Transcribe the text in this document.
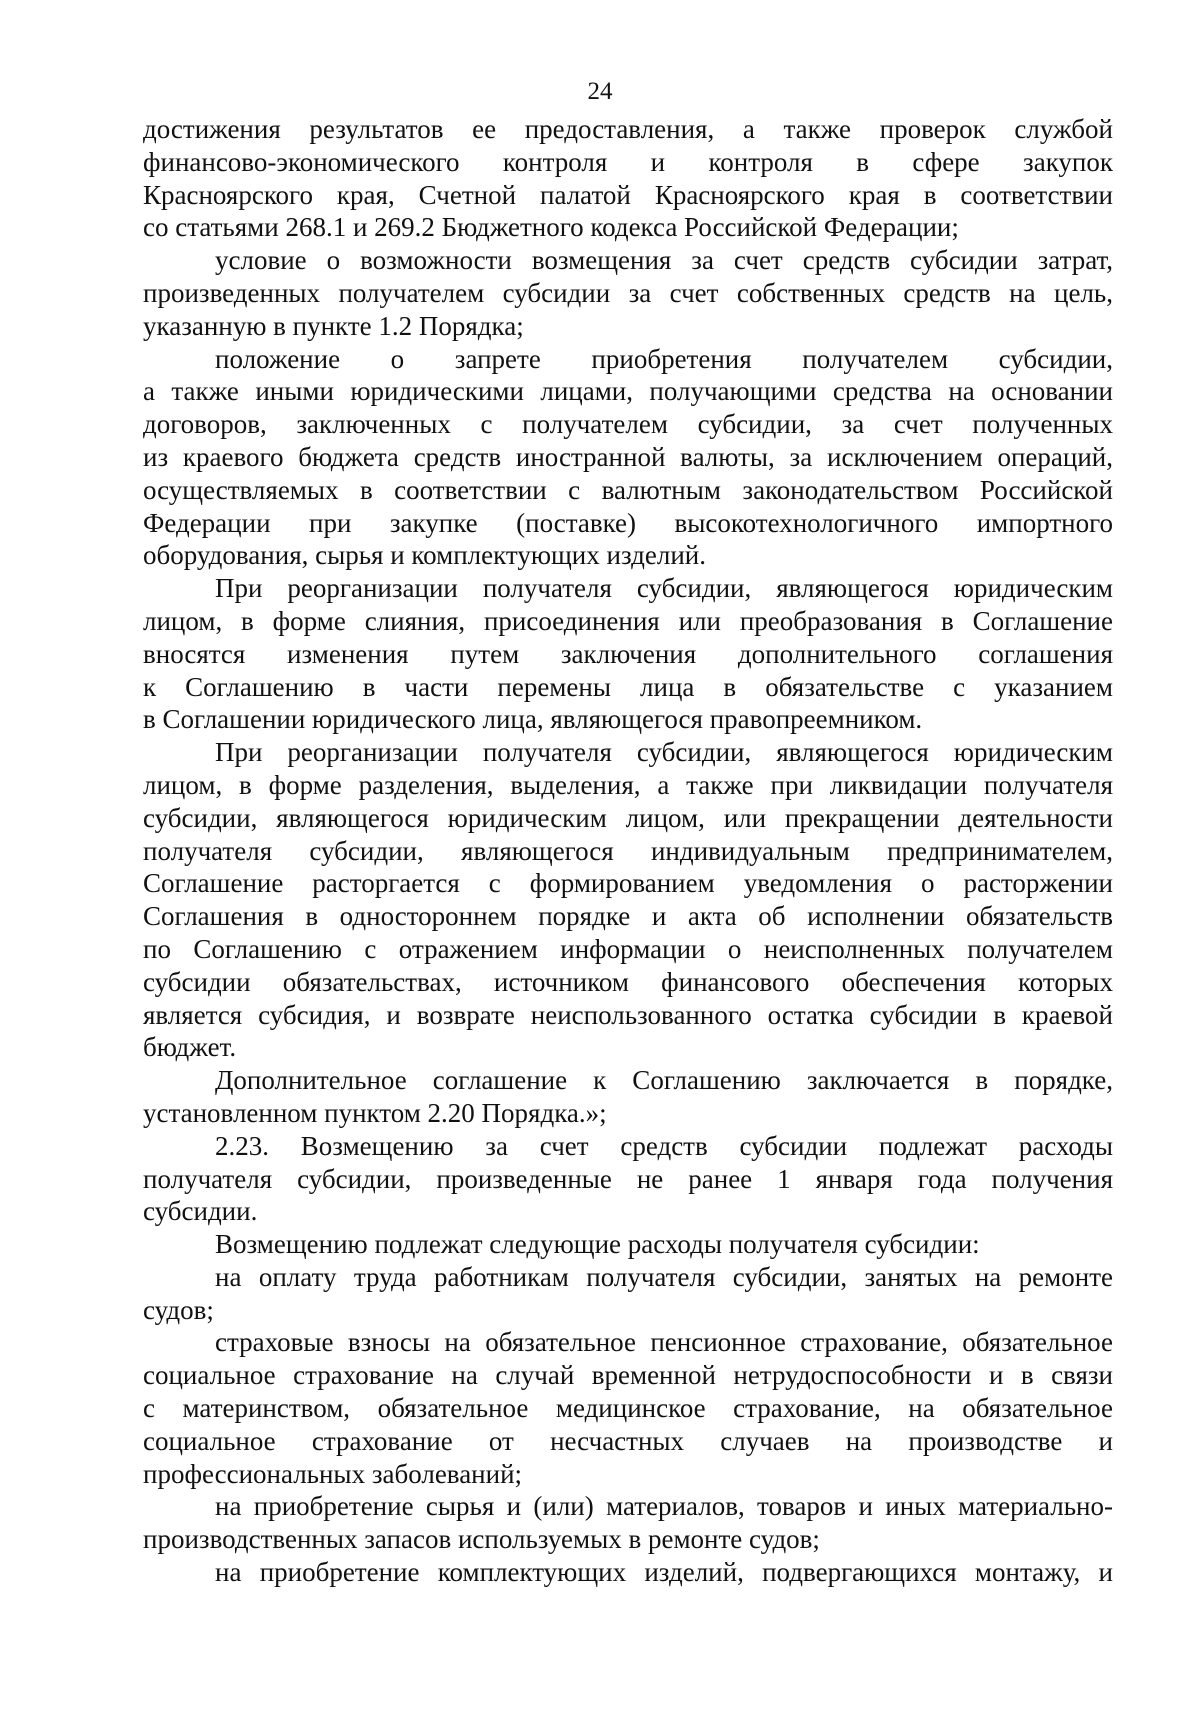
24
достижения результатов ее предоставления, а также проверок службой
финансово-экономического контроля и контроля в сфере закупок
Красноярского края, Счетной палатой Красноярского края в соответствии
со статьями 268.1 и 269.2 Бюджетного кодекса Российской Федерации;
условие о возможности возмещения за счет средств субсидии затрат,
произведенных получателем субсидии за счет собственных средств на цель,
указанную в пункте 1.2 Порядка;
положение о запрете приобретения получателем субсидии,
а также иными юридическими лицами, получающими средства на основании
договоров, заключенных с получателем субсидии, за счет полученных
из краевого бюджета средств иностранной валюты, за исключением операций,
осуществляемых в соответствии с валютным законодательством Российской
Федерации при закупке (поставке) высокотехнологичного импортного
оборудования, сырья и комплектующих изделий.
При реорганизации получателя субсидии, являющегося юридическим
лицом, в форме слияния, присоединения или преобразования в Соглашение
вносятся изменения путем заключения дополнительного соглашения
к Соглашению в части перемены лица в обязательстве с указанием
в Соглашении юридического лица, являющегося правопреемником.
При реорганизации получателя субсидии, являющегося юридическим
лицом, в форме разделения, выделения, а также при ликвидации получателя
субсидии, являющегося юридическим лицом, или прекращении деятельности
получателя субсидии, являющегося индивидуальным предпринимателем,
Соглашение расторгается с формированием уведомления о расторжении
Соглашения в одностороннем порядке и акта об исполнении обязательств
по Соглашению с отражением информации о неисполненных получателем
субсидии обязательствах, источником финансового обеспечения которых
является субсидия, и возврате неиспользованного остатка субсидии в краевой
бюджет.
Дополнительное соглашение к Соглашению заключается в порядке,
установленном пунктом 2.20 Порядка.»;
2.23. Возмещению за счет средств субсидии подлежат расходы
получателя субсидии, произведенные не ранее 1 января года получения
субсидии.
Возмещению подлежат следующие расходы получателя субсидии:
на оплату труда работникам получателя субсидии, занятых на ремонте
судов;
страховые взносы на обязательное пенсионное страхование, обязательное
социальное страхование на случай временной нетрудоспособности и в связи
с материнством, обязательное медицинское страхование, на обязательное
социальное страхование от несчастных случаев на производстве и
профессиональных заболеваний;
на приобретение сырья и (или) материалов, товаров и иных материально-
производственных запасов используемых в ремонте судов;
на приобретение комплектующих изделий, подвергающихся монтажу, и
